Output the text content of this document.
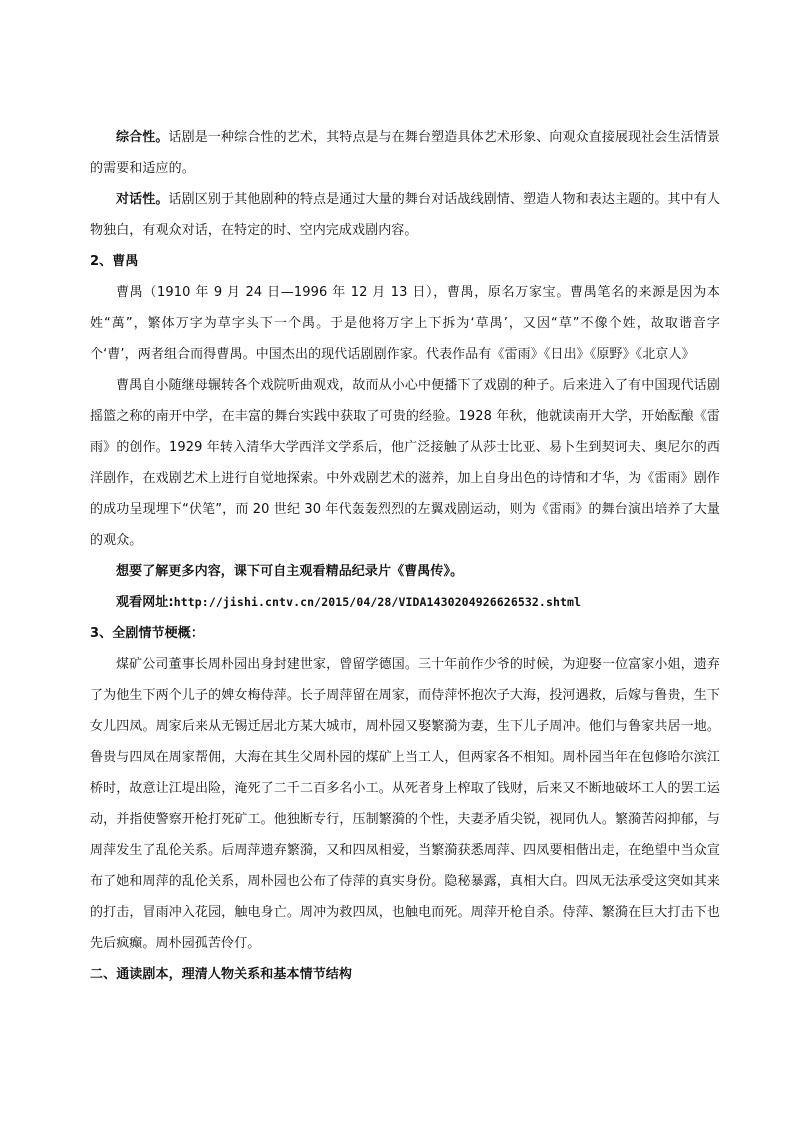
综合性。话剧是一种综合性的艺术，其特点是与在舞台塑造具体艺术形象、向观众直接展现社会生活情景的需要和适应的。

对话性。话剧区别于其他剧种的特点是通过大量的舞台对话战线剧情、塑造人物和表达主题的。其中有人物独白，有观众对话，在特定的时、空内完成戏剧内容。

2、曹禺

曹禺（1910 年 9 月 24 日—1996 年 12 月 13 日），曹禺，原名万家宝。曹禺笔名的来源是因为本姓“萬”，繁体万字为草字头下一个禺。于是他将万字上下拆为‘草禺’，又因“草”不像个姓，故取谐音字个‘曹’，两者组合而得曹禺。中国杰出的现代话剧剧作家。代表作品有《雷雨》《日出》《原野》《北京人》

曹禺自小随继母辗转各个戏院听曲观戏，故而从小心中便播下了戏剧的种子。后来进入了有中国现代话剧摇篮之称的南开中学，在丰富的舞台实践中获取了可贵的经验。1928 年秋，他就读南开大学，开始酝酿《雷雨》的创作。1929 年转入清华大学西洋文学系后，他广泛接触了从莎士比亚、易卜生到契诃夫、奥尼尔的西洋剧作，在戏剧艺术上进行自觉地探索。中外戏剧艺术的滋养，加上自身出色的诗情和才华，为《雷雨》剧作的成功呈现埋下“伏笔”，而 20 世纪 30 年代轰轰烈烈的左翼戏剧运动，则为《雷雨》的舞台演出培养了大量的观众。

想要了解更多内容，课下可自主观看精品纪录片《曹禺传》。

观看网址:http://jishi.cntv.cn/2015/04/28/VIDA1430204926626532.shtml

3、全剧情节梗概：

煤矿公司董事长周朴园出身封建世家，曾留学德国。三十年前作少爷的时候，为迎娶一位富家小姐，遗弃了为他生下两个儿子的婢女梅侍萍。长子周萍留在周家，而侍萍怀抱次子大海，投河遇救，后嫁与鲁贵，生下女儿四凤。周家后来从无锡迁居北方某大城市，周朴园又娶繁漪为妻，生下儿子周冲。他们与鲁家共居一地。鲁贵与四凤在周家帮佣，大海在其生父周朴园的煤矿上当工人，但两家各不相知。周朴园当年在包修哈尔滨江桥时，故意让江堤出险，淹死了二千二百多名小工。从死者身上榨取了钱财，后来又不断地破坏工人的罢工运动，并指使警察开枪打死矿工。他独断专行，压制繁漪的个性，夫妻矛盾尖锐，视同仇人。繁漪苦闷抑郁，与周萍发生了乱伦关系。后周萍遗弃繁漪，又和四凤相爱，当繁漪获悉周萍、四凤要相偕出走，在绝望中当众宣布了她和周萍的乱伦关系，周朴园也公布了侍萍的真实身份。隐秘暴露，真相大白。四凤无法承受这突如其来的打击，冒雨冲入花园，触电身亡。周冲为救四凤，也触电而死。周萍开枪自杀。侍萍、繁漪在巨大打击下也先后疯癫。周朴园孤苦伶仃。

二、通读剧本，理清人物关系和基本情节结构
